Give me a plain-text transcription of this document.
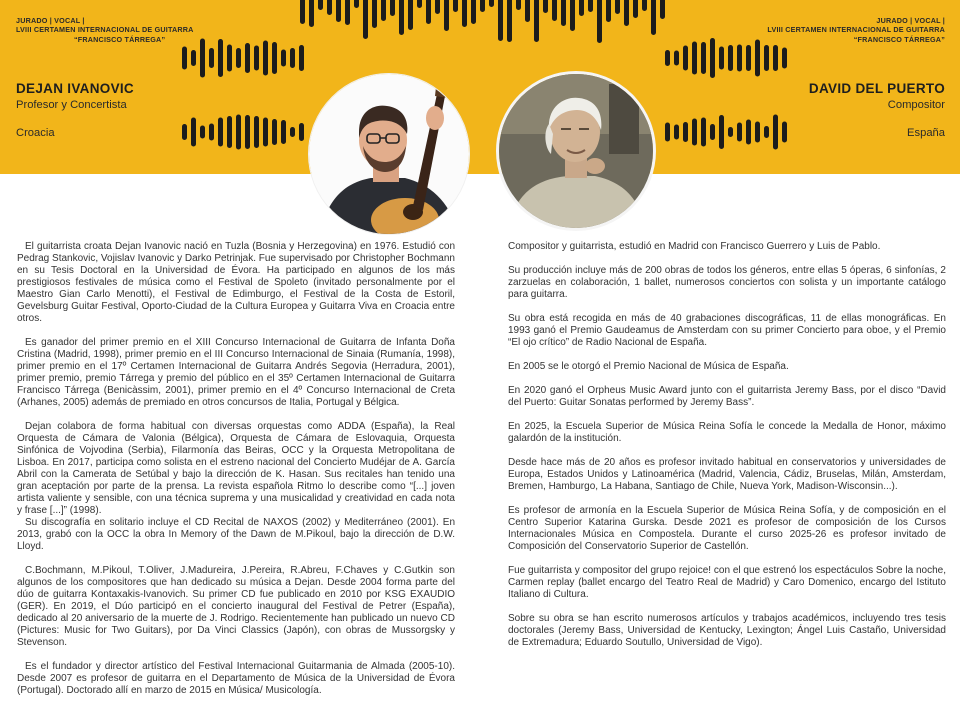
JURADO | VOCAL |
LVIII CERTAMEN INTERNACIONAL DE GUITARRA
“FRANCISCO TÁRREGA”
JURADO | VOCAL |
LVIII CERTAMEN INTERNACIONAL DE GUITARRA
“FRANCISCO TÁRREGA”
DEJAN IVANOVIC
Profesor y Concertista
Croacia
DAVID DEL PUERTO
Compositor
España

El guitarrista croata Dejan Ivanovic nació en Tuzla (Bosnia y Herzegovina) en 1976. Estudió con Pedrag Stankovic, Vojislav Ivanovic y Darko Petrinjak. Fue supervisado por Christopher Bochmann en su Tesis Doctoral en la Universidad de Évora. Ha participado en algunos de los más prestigiosos festivales de música como el Festival de Spoleto (invitado personalmente por el Maestro Gian Carlo Menotti), el Festival de Edimburgo, el Festival de la Costa de Estoril, Gevelsburg Guitar Festival, Oporto-Ciudad de la Cultura Europea y Guitarra Viva en Croacia entre otros.

Es ganador del primer premio en el XIII Concurso Internacional de Guitarra de Infanta Doña Cristina (Madrid, 1998), primer premio en el III Concurso Internacional de Sinaia (Rumanía, 1998), primer premio en el 17º Certamen Internacional de Guitarra Andrés Segovia (Herradura, 2001), primer premio, premio Tárrega y premio del público en el 35º Certamen Internacional de Guitarra Francisco Tárrega (Benicàssim, 2001), primer premio en el 4º Concurso Internacional de Creta (Arhanes, 2005) además de premiado en otros concursos de Italia, Portugal y Bélgica.

Dejan colabora de forma habitual con diversas orquestas como ADDA (España), la Real Orquesta de Cámara de Valonia (Bélgica), Orquesta de Cámara de Eslovaquia, Orquesta Sinfónica de Vojvodina (Serbia), Filarmonía das Beiras, OCC y la Orquesta Metropolitana de Lisboa. En 2017, participa como solista en el estreno nacional del Concierto Mudéjar de A. García Abril con la Camerata de Setúbal y bajo la dirección de K. Hasan. Sus recitales han tenido una gran aceptación por parte de la prensa. La revista española Ritmo lo describe como “[...] joven artista valiente y sensible, con una técnica suprema y una musicalidad y creatividad en cada nota y frase [...]” (1998).

Su discografía en solitario incluye el CD Recital de NAXOS (2002) y Mediterráneo (2001). En 2013, grabó con la OCC la obra In Memory of the Dawn de M.Pikoul, bajo la dirección de D.W. Lloyd.

C.Bochmann, M.Pikoul, T.Oliver, J.Madureira, J.Pereira, R.Abreu, F.Chaves y C.Gutkin son algunos de los compositores que han dedicado su música a Dejan. Desde 2004 forma parte del dúo de guitarra Kontaxakis-Ivanovich. Su primer CD fue publicado en 2010 por KSG EXAUDIO (GER). En 2019, el Dúo participó en el concierto inaugural del Festival de Petrer (España), dedicado al 20 aniversario de la muerte de J. Rodrigo. Recientemente han publicado un nuevo CD (Pictures: Music for Two Guitars), por Da Vinci Classics (Japón), con obras de Mussorgsky y Stevenson.

Es el fundador y director artístico del Festival Internacional Guitarmania de Almada (2005-10). Desde 2007 es profesor de guitarra en el Departamento de Música de la Universidad de Évora (Portugal). Doctorado allí en marzo de 2015 en Música/ Musicología.

Compositor y guitarrista, estudió en Madrid con Francisco Guerrero y Luis de Pablo.

Su producción incluye más de 200 obras de todos los géneros, entre ellas 5 óperas, 6 sinfonías, 2 zarzuelas en colaboración, 1 ballet, numerosos conciertos con solista y un importante catálogo para guitarra.

Su obra está recogida en más de 40 grabaciones discográficas, 11 de ellas monográficas. En 1993 ganó el Premio Gaudeamus de Amsterdam con su primer Concierto para oboe, y el Premio “El ojo crítico” de Radio Nacional de España.

En 2005 se le otorgó el Premio Nacional de Música de España.

En 2020 ganó el Orpheus Music Award junto con el guitarrista Jeremy Bass, por el disco “David del Puerto: Guitar Sonatas performed by Jeremy Bass”.

En 2025, la Escuela Superior de Música Reina Sofía le concede la Medalla de Honor, máximo galardón de la institución.

Desde hace más de 20 años es profesor invitado habitual en conservatorios y universidades de Europa, Estados Unidos y Latinoamérica (Madrid, Valencia, Cádiz, Bruselas, Milán, Amsterdam, Bremen, Hamburgo, La Habana, Santiago de Chile, Nueva York, Madison-Wisconsin...).

Es profesor de armonía en la Escuela Superior de Música Reina Sofía, y de composición en el Centro Superior Katarina Gurska. Desde 2021 es profesor de composición de los Cursos Internacionales Música en Compostela. Durante el curso 2025-26 es profesor invitado de Composición del Conservatorio Superior de Castellón.

Fue guitarrista y compositor del grupo rejoice! con el que estrenó los espectáculos Sobre la noche, Carmen replay (ballet encargo del Teatro Real de Madrid) y Caro Domenico, encargo del Istituto Italiano di Cultura.

Sobre su obra se han escrito numerosos artículos y trabajos académicos, incluyendo tres tesis doctorales (Jeremy Bass, Universidad de Kentucky, Lexington; Ángel Luis Castaño, Universidad de Extremadura; Eduardo Soutullo, Universidad de Vigo).
